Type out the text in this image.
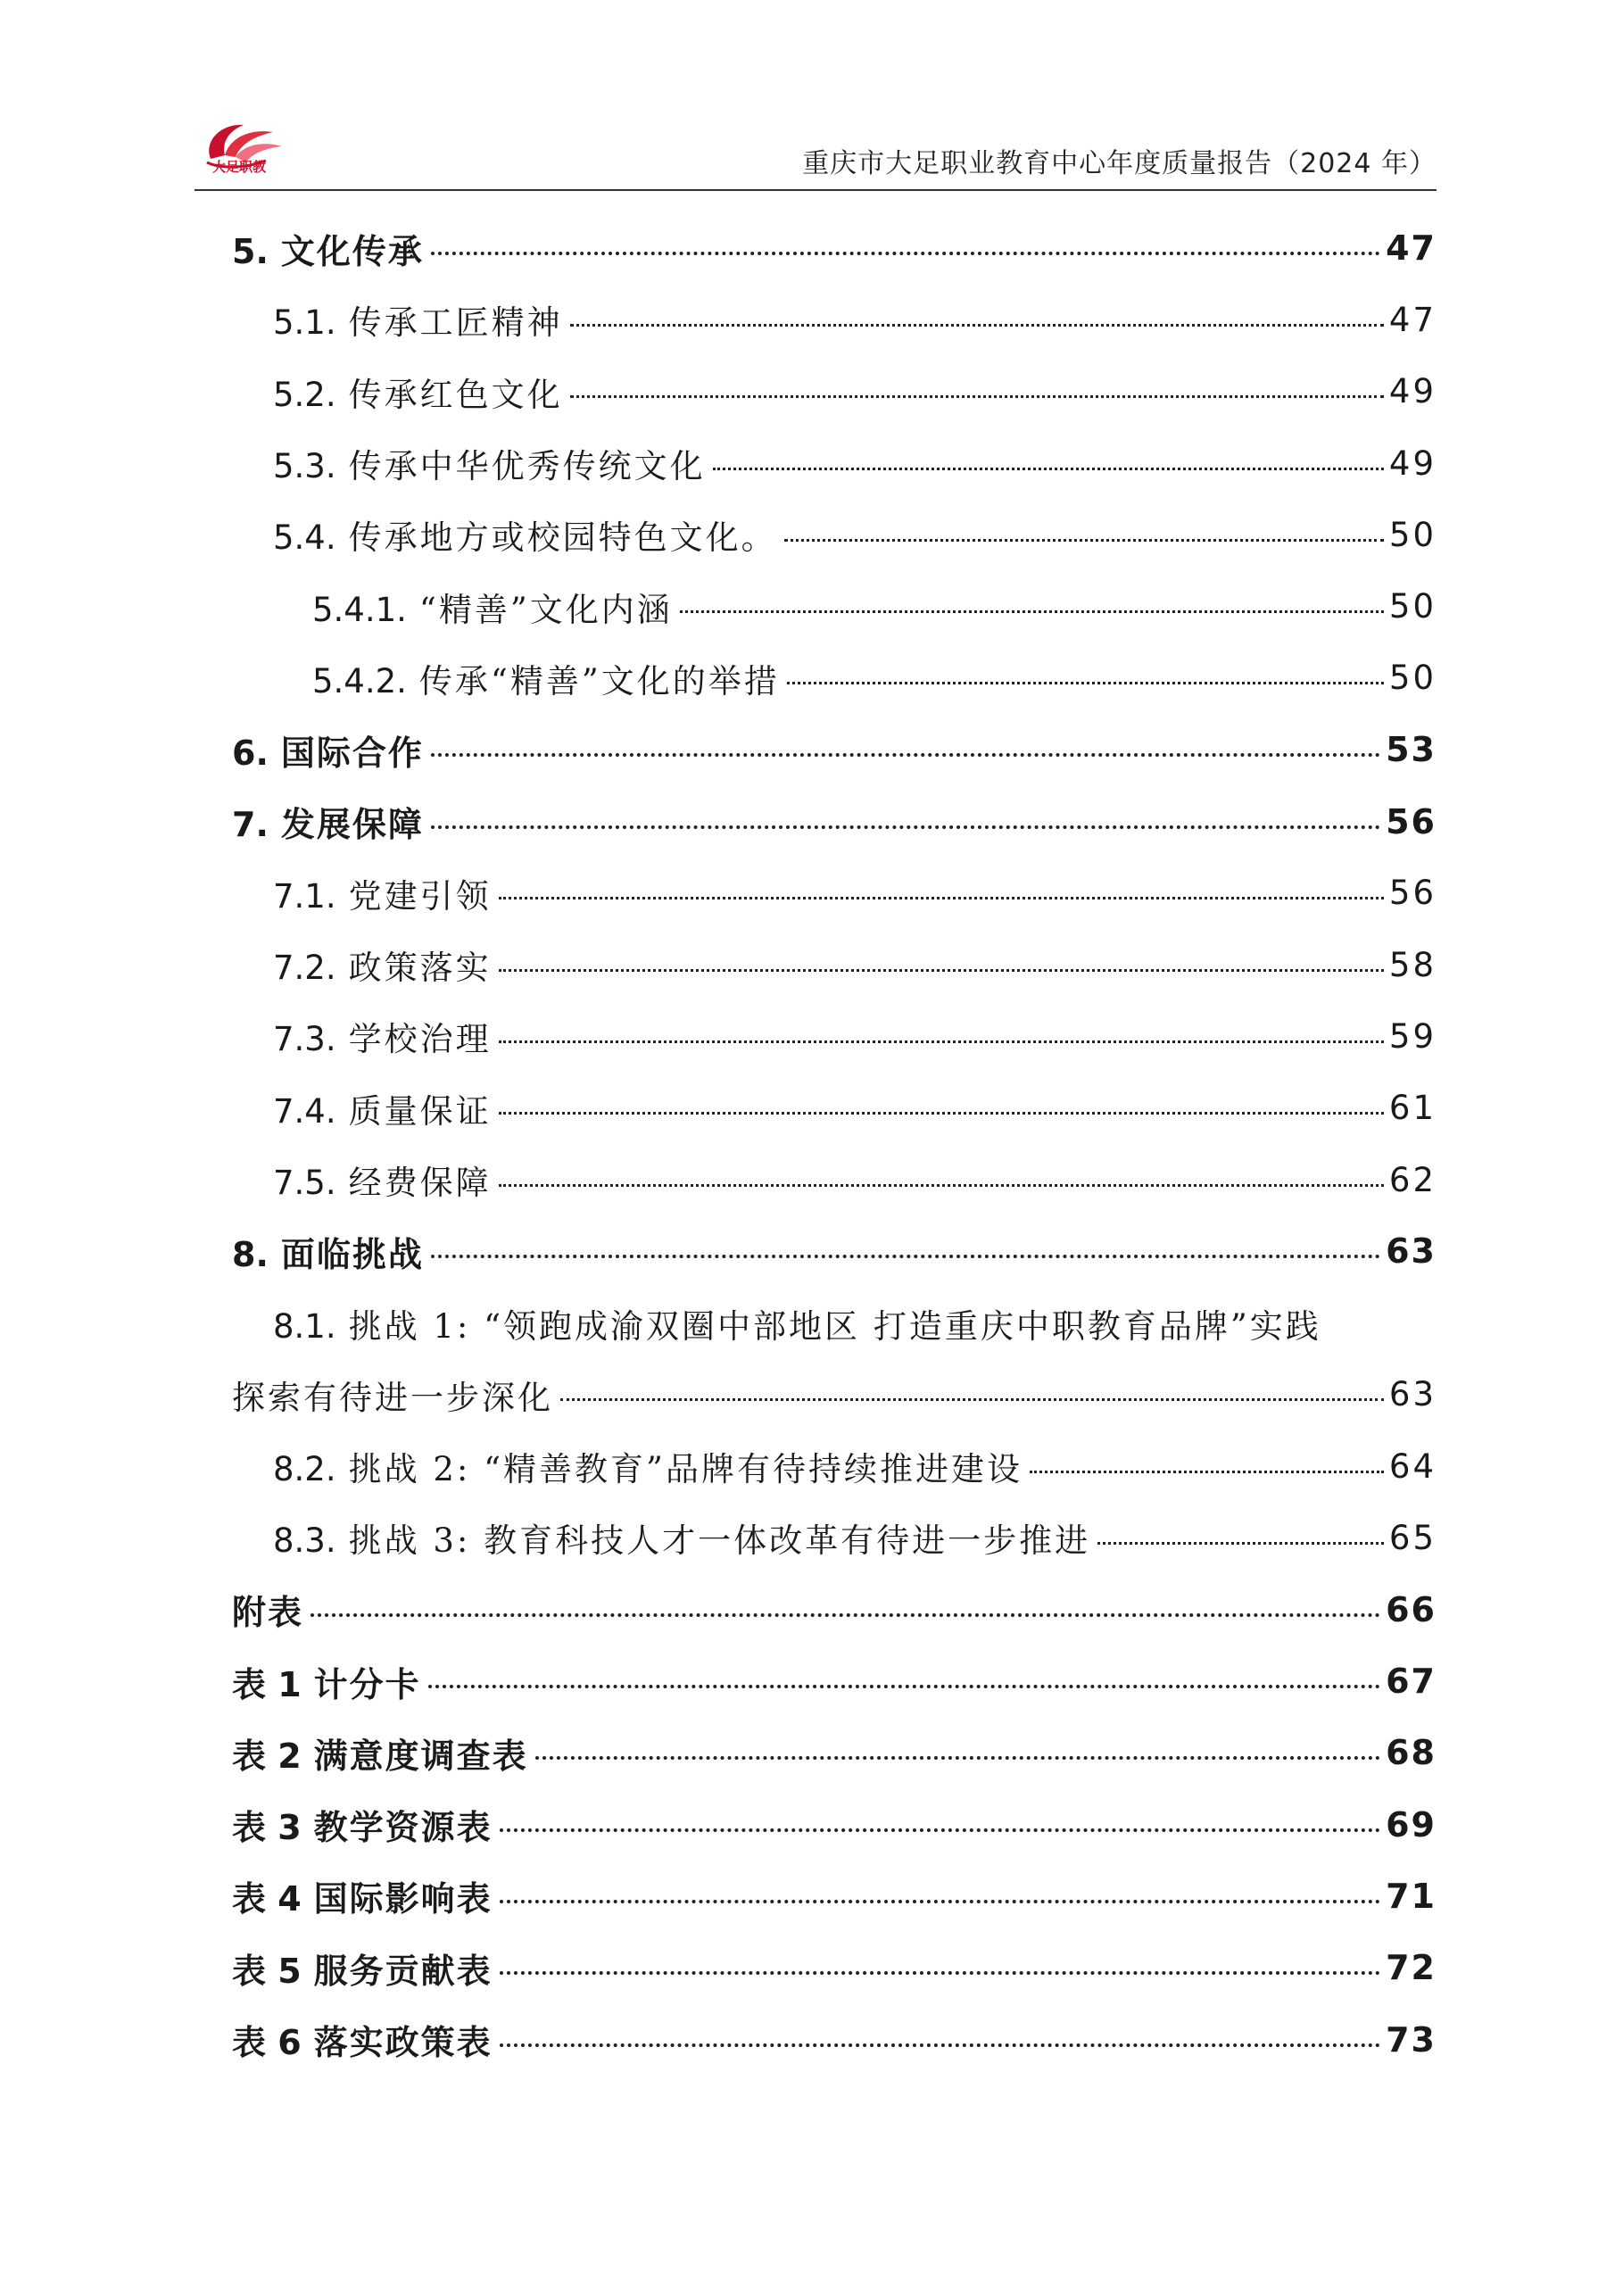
大足职教	重庆市大足职业教育中心年度质量报告（2024 年）
5. 文化传承	47
5.1. 传承工匠精神	47
5.2. 传承红色文化	49
5.3. 传承中华优秀传统文化	49
5.4. 传承地方或校园特色文化。	50
5.4.1. “精善”文化内涵	50
5.4.2. 传承“精善”文化的举措	50
6. 国际合作	53
7. 发展保障	56
7.1. 党建引领	56
7.2. 政策落实	58
7.3. 学校治理	59
7.4. 质量保证	61
7.5. 经费保障	62
8. 面临挑战	63
8.1. 挑战 1: “领跑成渝双圈中部地区 打造重庆中职教育品牌”实践
探索有待进一步深化	63
8.2. 挑战 2: “精善教育”品牌有待持续推进建设	64
8.3. 挑战 3: 教育科技人才一体改革有待进一步推进	65
附表	66
表 1 计分卡	67
表 2 满意度调查表	68
表 3 教学资源表	69
表 4 国际影响表	71
表 5 服务贡献表	72
表 6 落实政策表	73
